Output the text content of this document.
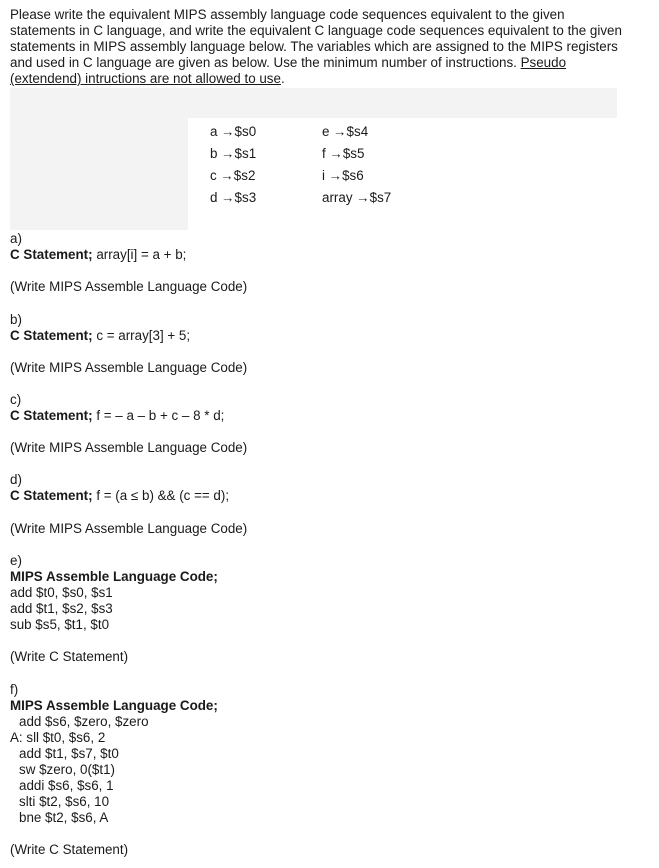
Please write the equivalent MIPS assembly language code sequences equivalent to the given statements in C language, and write the equivalent C language code sequences equivalent to the given statements in MIPS assembly language below. The variables which are assigned to the MIPS registers and used in C language are given as below. Use the minimum number of instructions. Pseudo (extendend) intructions are not allowed to use.

a →$s0
b →$s1
c →$s2
d →$s3
e →$s4
f →$s5
i →$s6
array →$s7
a)
C Statement; array[i] = a + b;

(Write MIPS Assemble Language Code)

b)
C Statement; c = array[3] + 5;

(Write MIPS Assemble Language Code)

c)
C Statement; f = – a – b + c – 8 * d;

(Write MIPS Assemble Language Code)

d)
C Statement; f = (a ≤ b) && (c == d);

(Write MIPS Assemble Language Code)

e)
MIPS Assemble Language Code;
add $t0, $s0, $s1
add $t1, $s2, $s3
sub $s5, $t1, $t0

(Write C Statement)

f)
MIPS Assemble Language Code;
add $s6, $zero, $zero
A: sll $t0, $s6, 2
add $t1, $s7, $t0
sw $zero, 0($t1)
addi $s6, $s6, 1
slti $t2, $s6, 10
bne $t2, $s6, A

(Write C Statement)
